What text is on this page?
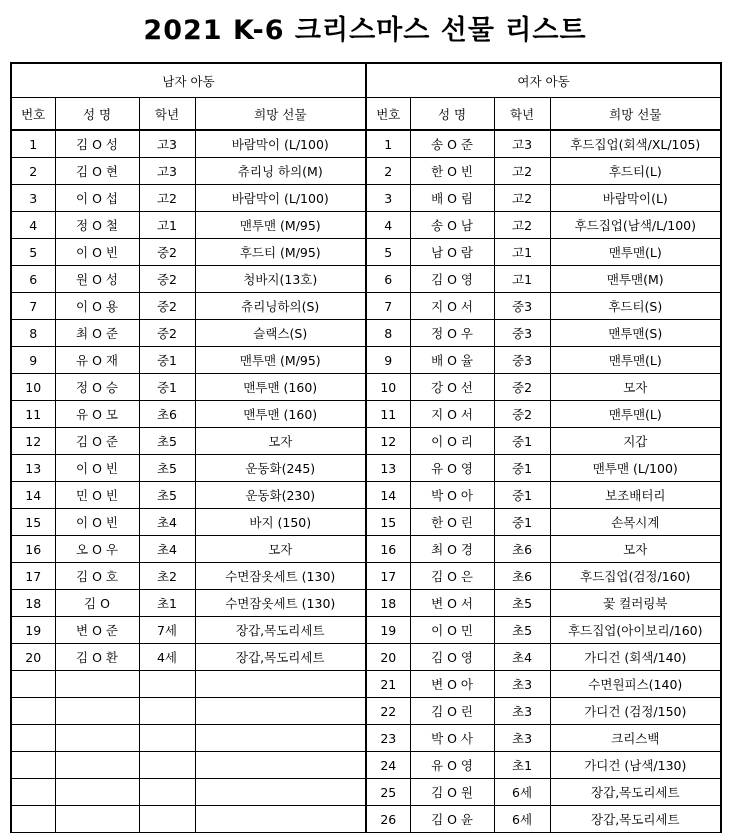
2021 K-6 크리스마스 선물 리스트
남자 아동				여자 아동			
번호	성 명	학년	희망 선물	번호	성 명	학년	희망 선물
1	김 O 성	고3	바람막이 (L/100)	1	송 O 준	고3	후드집업(회색/XL/105)
2	김 O 현	고3	츄리닝 하의(M)	2	한 O 빈	고2	후드티(L)
3	이 O 섭	고2	바람막이 (L/100)	3	배 O 림	고2	바람막이(L)
4	정 O 철	고1	맨투맨 (M/95)	4	송 O 남	고2	후드집업(남색/L/100)
5	이 O 빈	중2	후드티 (M/95)	5	남 O 람	고1	맨투맨(L)
6	원 O 성	중2	청바지(13호)	6	김 O 영	고1	맨투맨(M)
7	이 O 용	중2	츄리닝하의(S)	7	지 O 서	중3	후드티(S)
8	최 O 준	중2	슬랙스(S)	8	정 O 우	중3	맨투맨(S)
9	유 O 재	중1	맨투맨 (M/95)	9	배 O 율	중3	맨투맨(L)
10	정 O 승	중1	맨투맨 (160)	10	강 O 선	중2	모자
11	유 O 모	초6	맨투맨 (160)	11	지 O 서	중2	맨투맨(L)
12	김 O 준	초5	모자	12	이 O 리	중1	지갑
13	이 O 빈	초5	운동화(245)	13	유 O 영	중1	맨투맨 (L/100)
14	민 O 빈	초5	운동화(230)	14	박 O 아	중1	보조배터리
15	이 O 빈	초4	바지 (150)	15	한 O 린	중1	손목시계
16	오 O 우	초4	모자	16	최 O 경	초6	모자
17	김 O 호	초2	수면잠옷세트 (130)	17	김 O 은	초6	후드집업(검정/160)
18	김 O	초1	수면잠옷세트 (130)	18	변 O 서	초5	꽃 컬러링북
19	변 O 준	7세	장갑,목도리세트	19	이 O 민	초5	후드집업(아이보리/160)
20	김 O 환	4세	장갑,목도리세트	20	김 O 영	초4	가디건 (회색/140)
				21	변 O 아	초3	수면원피스(140)
				22	김 O 린	초3	가디건 (검정/150)
				23	박 O 사	초3	크리스백
				24	유 O 영	초1	가디건 (남색/130)
				25	김 O 원	6세	장갑,목도리세트
				26	김 O 윤	6세	장갑,목도리세트
